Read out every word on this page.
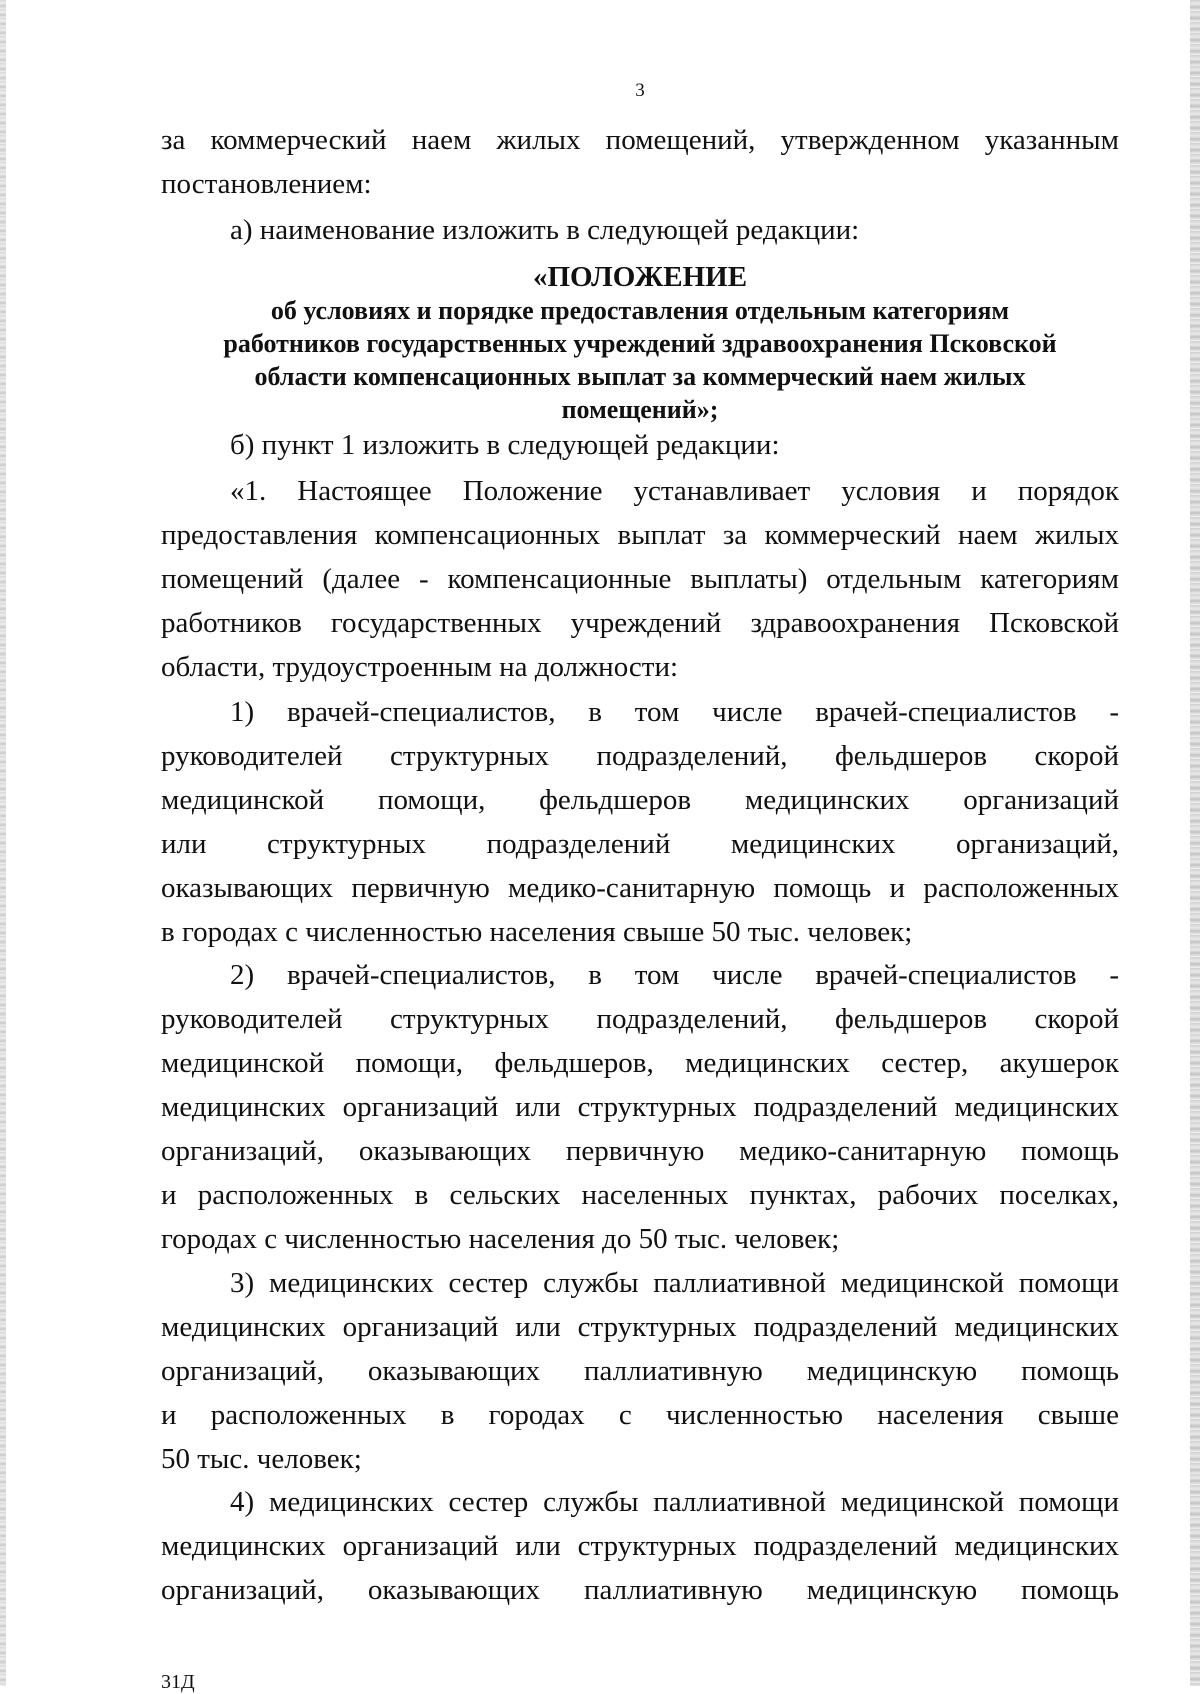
3

за коммерческий наем жилых помещений, утвержденном указанным

постановлением:

а) наименование изложить в следующей редакции:

«ПОЛОЖЕНИЕ

об условиях и порядке предоставления отдельным категориям

работников государственных учреждений здравоохранения Псковской

области компенсационных выплат за коммерческий наем жилых

помещений»;

б) пункт 1 изложить в следующей редакции:

«1. Настоящее Положение устанавливает условия и порядок

предоставления компенсационных выплат за коммерческий наем жилых

помещений (далее - компенсационные выплаты) отдельным категориям

работников государственных учреждений здравоохранения Псковской

области, трудоустроенным на должности:

1) врачей-специалистов, в том числе врачей-специалистов -

руководителей структурных подразделений, фельдшеров скорой

медицинской помощи, фельдшеров медицинских организаций

или структурных подразделений медицинских организаций,

оказывающих первичную медико-санитарную помощь и расположенных

в городах с численностью населения свыше 50 тыс. человек;

2) врачей-специалистов, в том числе врачей-специалистов -

руководителей структурных подразделений, фельдшеров скорой

медицинской помощи, фельдшеров, медицинских сестер, акушерок

медицинских организаций или структурных подразделений медицинских

организаций, оказывающих первичную медико-санитарную помощь

и расположенных в сельских населенных пунктах, рабочих поселках,

городах с численностью населения до 50 тыс. человек;

3) медицинских сестер службы паллиативной медицинской помощи

медицинских организаций или структурных подразделений медицинских

организаций, оказывающих паллиативную медицинскую помощь

и расположенных в городах с численностью населения свыше

50 тыс. человек;

4) медицинских сестер службы паллиативной медицинской помощи

медицинских организаций или структурных подразделений медицинских

организаций, оказывающих паллиативную медицинскую помощь

31Д
